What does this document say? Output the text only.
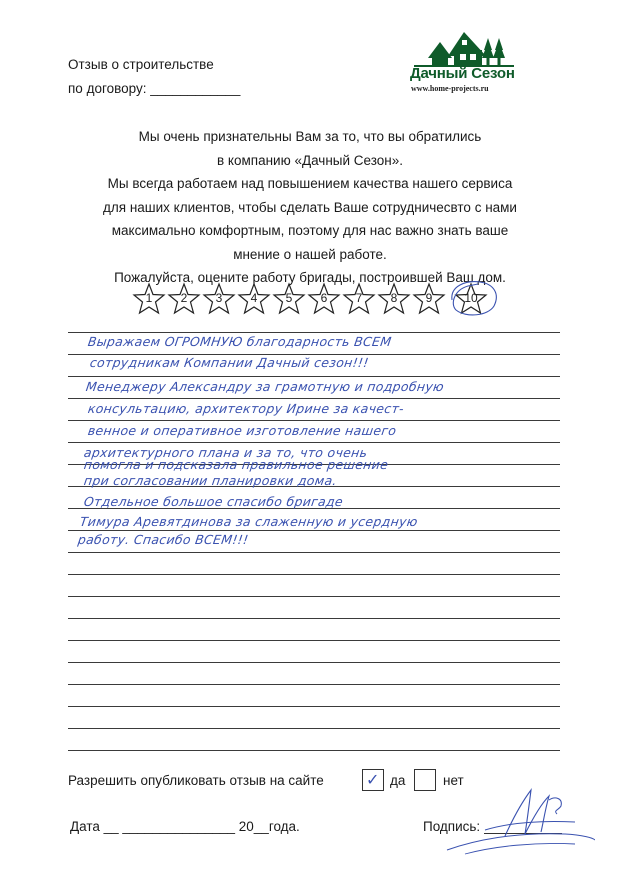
Отзыв о строительстве
по договору: ____________
Дачный Сезон
www.home-projects.ru
Мы очень признательны Вам за то, что вы обратились
в компанию «Дачный Сезон».
Мы всегда работаем над повышением качества нашего сервиса
для наших клиентов, чтобы сделать Ваше сотрудничесвто с нами
максимально комфортным, поэтому для нас важно знать ваше
мнение о нашей работе.
Пожалуйста, оцените работу бригады, построившей Ваш дом.
1	2	3	4	5	6	7	8	9	10
Выражаем ОГРОМНУЮ благодарность ВСЕМ
сотрудникам Компании Дачный сезон!!!
Менеджеру Александру за грамотную и подробную
консультацию, архитектору Ирине за качест-
венное и оперативное изготовление нашего
архитектурного плана и за то, что очень
помогла и подсказала правильное решение
при согласовании планировки дома.
Отдельное большое спасибо бригаде
Тимура Аревятдинова за слаженную и усердную
работу. Спасибо ВСЕМ!!!
Разрешить опубликовать отзыв на сайте	✓ да	нет
Дата __ _______________ 20__года.	Подпись:
